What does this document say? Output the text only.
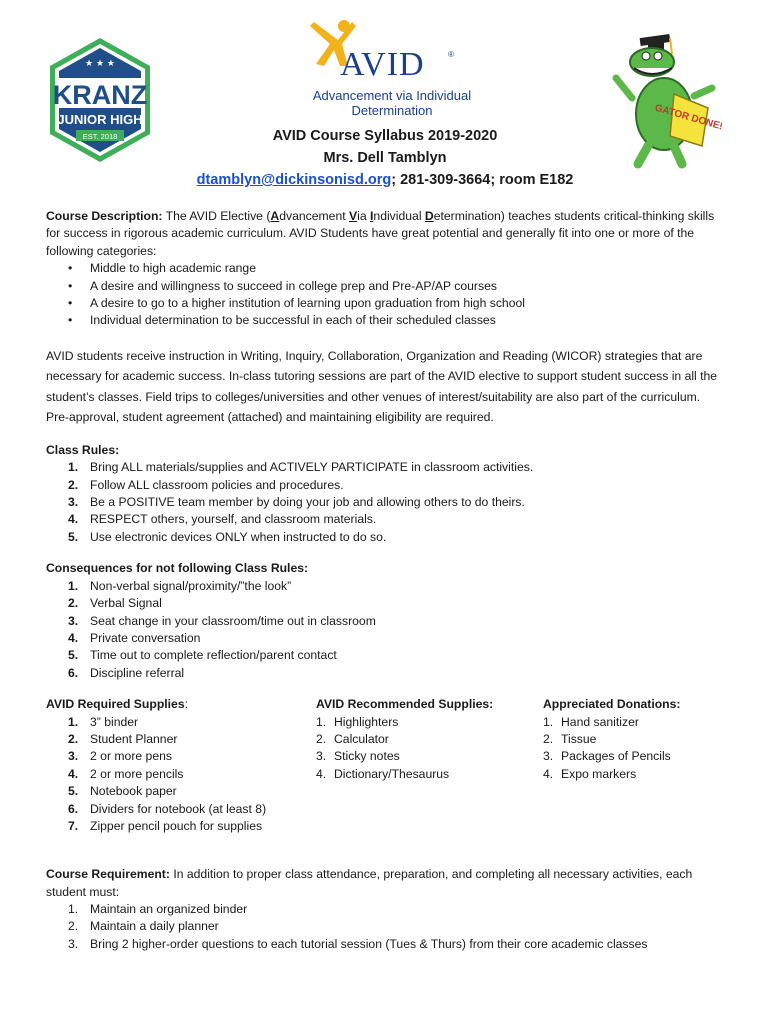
★ ★ ★
KRANZ
JUNIOR HIGH
EST. 2018
AVID	®
Advancement via Individual
Determination	GATOR DONE!
AVID Course Syllabus 2019-2020
Mrs. Dell Tamblyn
dtamblyn@dickinsonisd.org; 281-309-3664; room E182

Course Description: The AVID Elective (Advancement Via Individual Determination) teaches students critical-thinking skills for success in rigorous academic curriculum. AVID Students have great potential and generally fit into one or more of the following categories:

• Middle to high academic range
• A desire and willingness to succeed in college prep and Pre-AP/AP courses
• A desire to go to a higher institution of learning upon graduation from high school
• Individual determination to be successful in each of their scheduled classes

AVID students receive instruction in Writing, Inquiry, Collaboration, Organization and Reading (WICOR) strategies that are necessary for academic success. In-class tutoring sessions are part of the AVID elective to support student success in all the student’s classes. Field trips to colleges/universities and other venues of interest/suitability are also part of the curriculum. Pre-approval, student agreement (attached) and maintaining eligibility are required.

Class Rules:
1. Bring ALL materials/supplies and ACTIVELY PARTICIPATE in classroom activities.
2. Follow ALL classroom policies and procedures.
3. Be a POSITIVE team member by doing your job and allowing others to do theirs.
4. RESPECT others, yourself, and classroom materials.
5. Use electronic devices ONLY when instructed to do so.
Consequences for not following Class Rules:
1. Non-verbal signal/proximity/”the look”
2. Verbal Signal
3. Seat change in your classroom/time out in classroom
4. Private conversation
5. Time out to complete reflection/parent contact
6. Discipline referral
AVID Required Supplies:
1. 3” binder
2. Student Planner
3. 2 or more pens
4. 2 or more pencils
5. Notebook paper
6. Dividers for notebook (at least 8)
7. Zipper pencil pouch for supplies
AVID Recommended Supplies:
1. Highlighters
2. Calculator
3. Sticky notes
4. Dictionary/Thesaurus
Appreciated Donations:
1. Hand sanitizer
2. Tissue
3. Packages of Pencils
4. Expo markers

Course Requirement: In addition to proper class attendance, preparation, and completing all necessary activities, each student must:

1. Maintain an organized binder
2. Maintain a daily planner
3. Bring 2 higher-order questions to each tutorial session (Tues & Thurs) from their core academic classes
